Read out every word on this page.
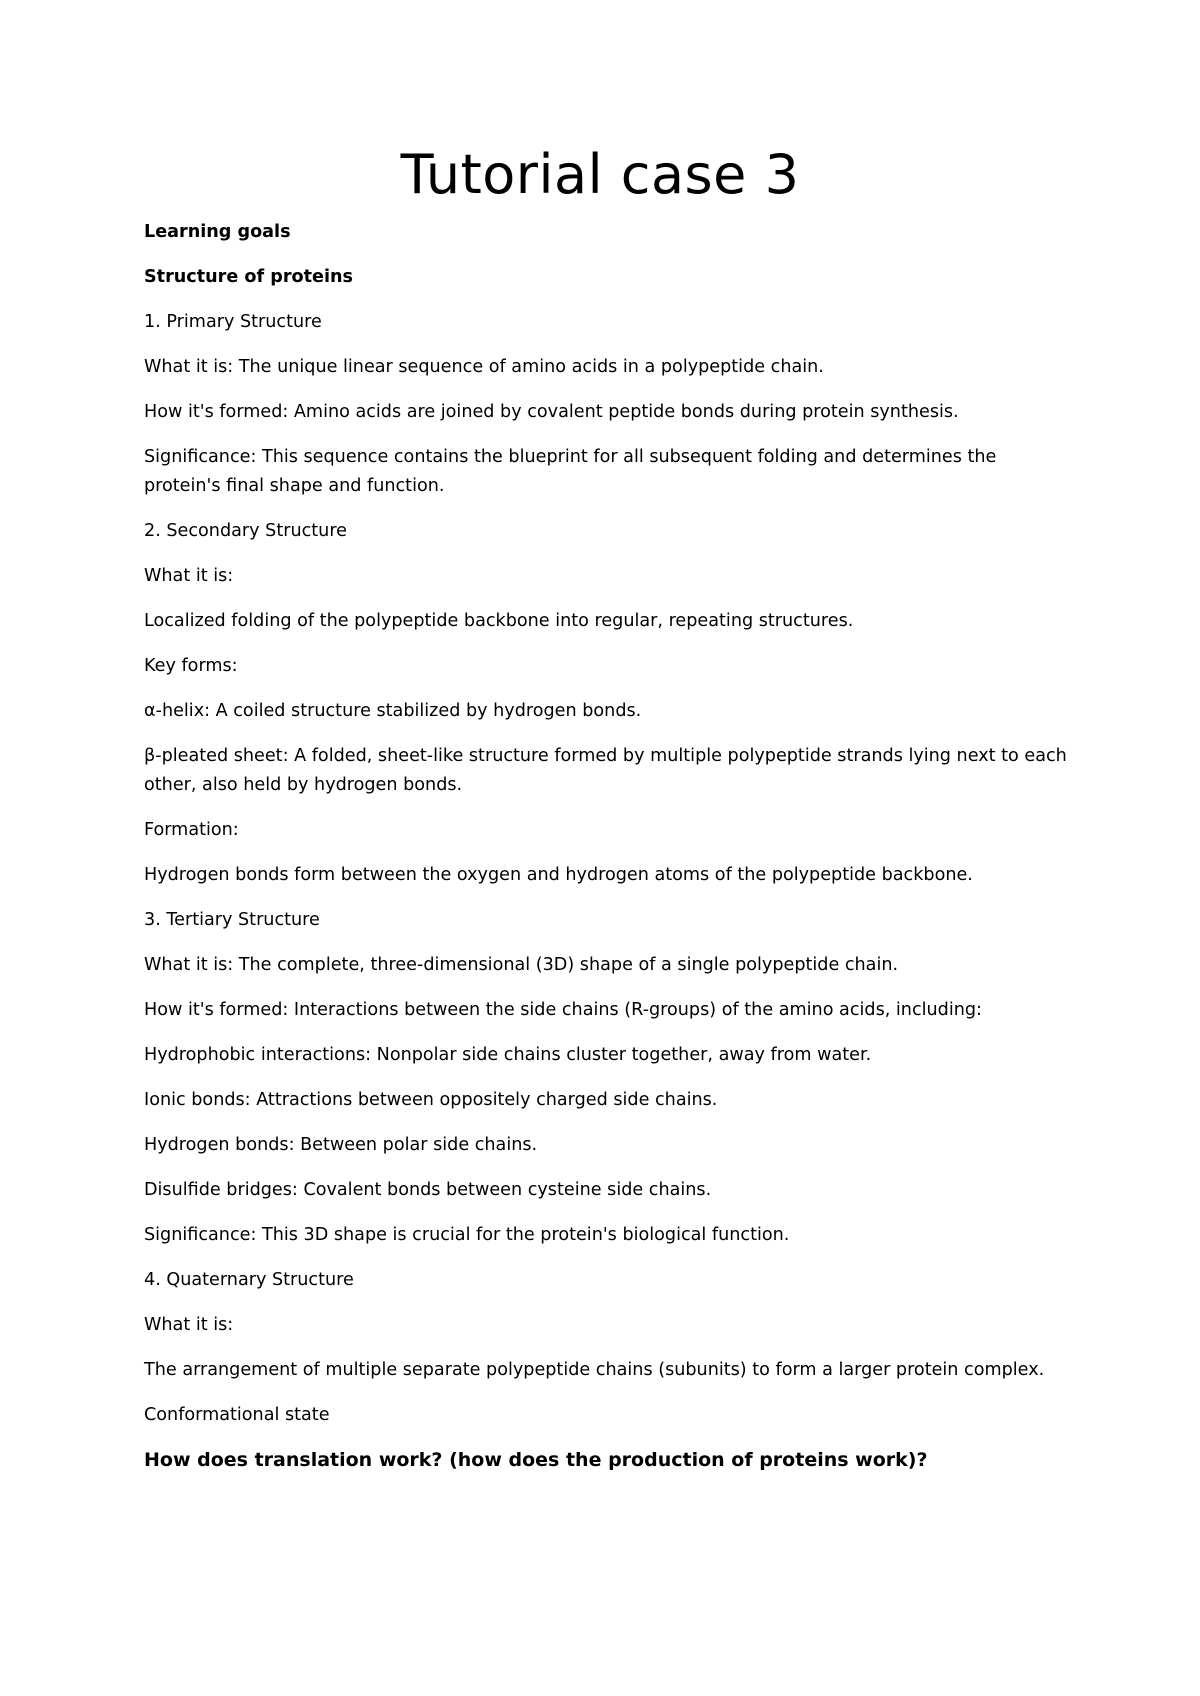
Tutorial case 3

Learning goals

Structure of proteins

1. Primary Structure

What it is: The unique linear sequence of amino acids in a polypeptide chain.

How it's formed: Amino acids are joined by covalent peptide bonds during protein synthesis.

Significance: This sequence contains the blueprint for all subsequent folding and determines the protein's final shape and function.

2. Secondary Structure

What it is:

Localized folding of the polypeptide backbone into regular, repeating structures.

Key forms:

α-helix: A coiled structure stabilized by hydrogen bonds.

β-pleated sheet: A folded, sheet-like structure formed by multiple polypeptide strands lying next to each other, also held by hydrogen bonds.

Formation:

Hydrogen bonds form between the oxygen and hydrogen atoms of the polypeptide backbone.

3. Tertiary Structure

What it is: The complete, three-dimensional (3D) shape of a single polypeptide chain.

How it's formed: Interactions between the side chains (R-groups) of the amino acids, including:

Hydrophobic interactions: Nonpolar side chains cluster together, away from water.

Ionic bonds: Attractions between oppositely charged side chains.

Hydrogen bonds: Between polar side chains.

Disulfide bridges: Covalent bonds between cysteine side chains.

Significance: This 3D shape is crucial for the protein's biological function.

4. Quaternary Structure

What it is:

The arrangement of multiple separate polypeptide chains (subunits) to form a larger protein complex.

Conformational state

How does translation work? (how does the production of proteins work)?
